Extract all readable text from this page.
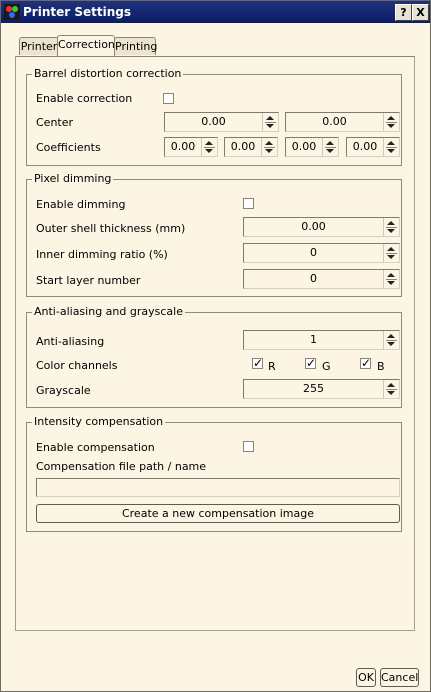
Printer Settings	? X
Printer Correction Printing
Barrel distortion correction
Enable correction
Center	0.00	0.00
Coefficients	0.00	0.00	0.00	0.00
Pixel dimming
Enable dimming
Outer shell thickness (mm)	0.00
Inner dimming ratio (%)	0
Start layer number	0
Anti-aliasing and grayscale
Anti-aliasing	1
Color channels ✓	R ✓	G ✓	B
Grayscale	255
Intensity compensation
Enable compensation
Compensation file path / name
Create a new compensation image
OK Cancel
